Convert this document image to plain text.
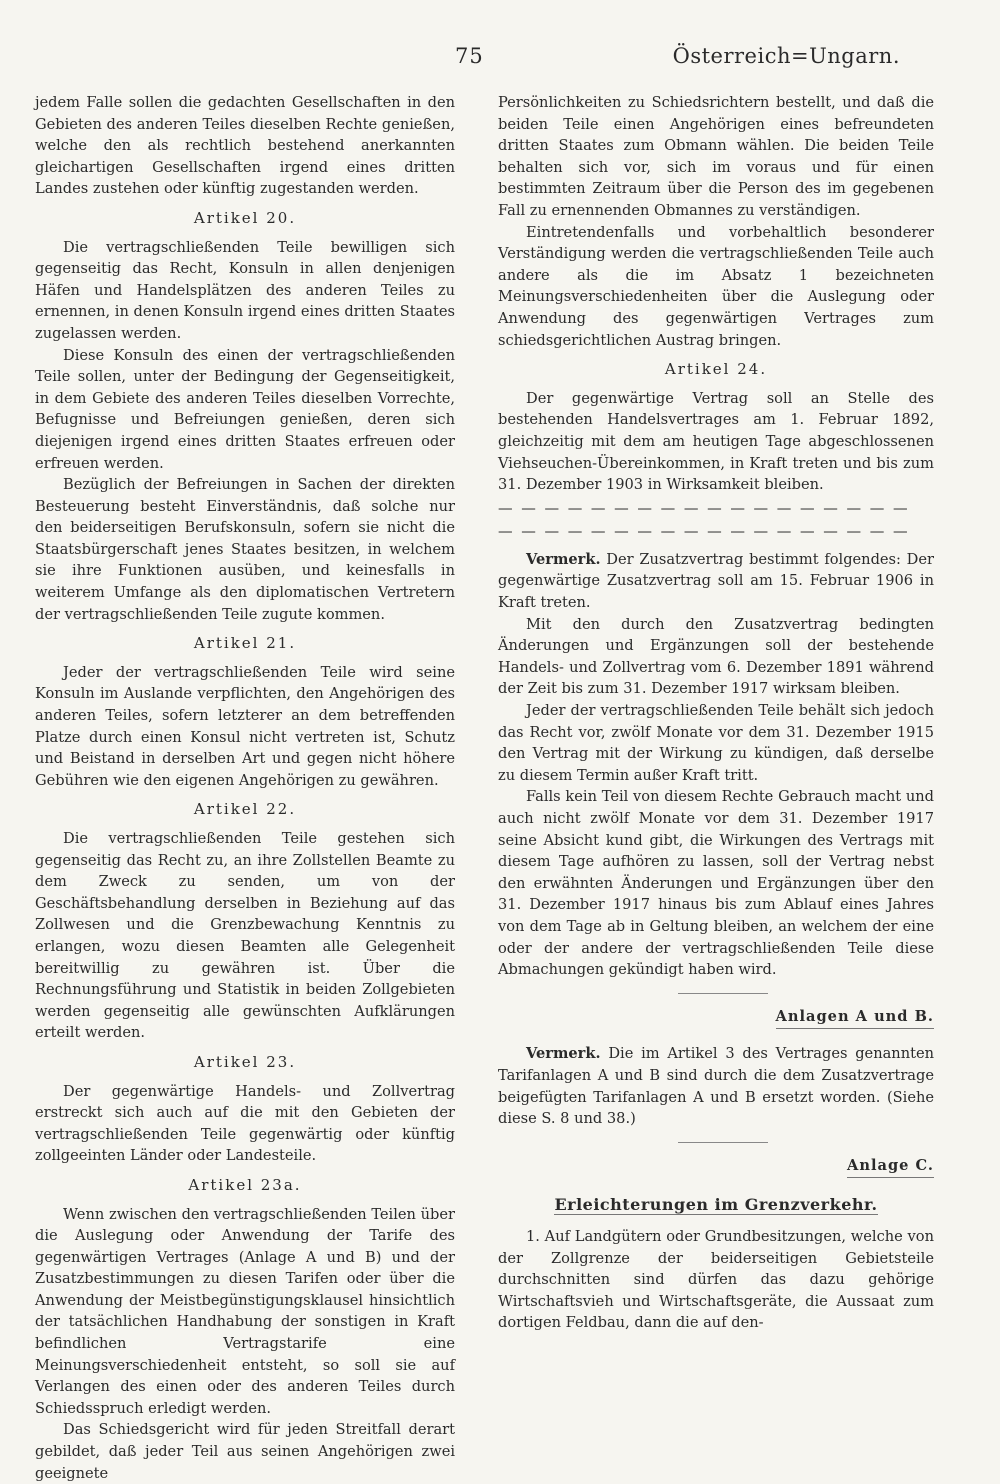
75	Österreich=Ungarn.

jedem Falle sollen die gedachten Gesellschaften in den Gebieten des anderen Teiles dieselben Rechte genießen, welche den als rechtlich bestehend anerkannten gleichartigen Gesellschaften irgend eines dritten Landes zustehen oder künftig zugestanden werden.

Artikel 20.

Die vertragschließenden Teile bewilligen sich gegenseitig das Recht, Konsuln in allen denjenigen Häfen und Handelsplätzen des anderen Teiles zu ernennen, in denen Konsuln irgend eines dritten Staates zugelassen werden.

Diese Konsuln des einen der vertragschließenden Teile sollen, unter der Bedingung der Gegenseitigkeit, in dem Gebiete des anderen Teiles dieselben Vorrechte, Befugnisse und Befreiungen genießen, deren sich diejenigen irgend eines dritten Staates erfreuen oder erfreuen werden.

Bezüglich der Befreiungen in Sachen der direkten Besteuerung besteht Einverständnis, daß solche nur den beiderseitigen Berufskonsuln, sofern sie nicht die Staatsbürgerschaft jenes Staates besitzen, in welchem sie ihre Funktionen ausüben, und keinesfalls in weiterem Umfange als den diplomatischen Vertretern der vertragschließenden Teile zugute kommen.

Artikel 21.

Jeder der vertragschließenden Teile wird seine Konsuln im Auslande verpflichten, den Angehörigen des anderen Teiles, sofern letzterer an dem betreffenden Platze durch einen Konsul nicht vertreten ist, Schutz und Beistand in derselben Art und gegen nicht höhere Gebühren wie den eigenen Angehörigen zu gewähren.

Artikel 22.

Die vertragschließenden Teile gestehen sich gegenseitig das Recht zu, an ihre Zollstellen Beamte zu dem Zweck zu senden, um von der Geschäftsbehandlung derselben in Beziehung auf das Zollwesen und die Grenzbewachung Kenntnis zu erlangen, wozu diesen Beamten alle Gelegenheit bereitwillig zu gewähren ist. Über die Rechnungsführung und Statistik in beiden Zollgebieten werden gegenseitig alle gewünschten Aufklärungen erteilt werden.

Artikel 23.

Der gegenwärtige Handels- und Zollvertrag erstreckt sich auch auf die mit den Gebieten der vertragschließenden Teile gegenwärtig oder künftig zollgeeinten Länder oder Landesteile.

Artikel 23a.

Wenn zwischen den vertragschließenden Teilen über die Auslegung oder Anwendung der Tarife des gegenwärtigen Vertrages (Anlage A und B) und der Zusatzbestimmungen zu diesen Tarifen oder über die Anwendung der Meistbegünstigungsklausel hinsichtlich der tatsächlichen Handhabung der sonstigen in Kraft befindlichen Vertragstarife eine Meinungsverschiedenheit entsteht, so soll sie auf Verlangen des einen oder des anderen Teiles durch Schiedsspruch erledigt werden.

Das Schiedsgericht wird für jeden Streitfall derart gebildet, daß jeder Teil aus seinen Angehörigen zwei geeignete

Persönlichkeiten zu Schiedsrichtern bestellt, und daß die beiden Teile einen Angehörigen eines befreundeten dritten Staates zum Obmann wählen. Die beiden Teile behalten sich vor, sich im voraus und für einen bestimmten Zeitraum über die Person des im gegebenen Fall zu ernennenden Obmannes zu verständigen.

Eintretendenfalls und vorbehaltlich besonderer Verständigung werden die vertragschließenden Teile auch andere als die im Absatz 1 bezeichneten Meinungsverschiedenheiten über die Auslegung oder Anwendung des gegenwärtigen Vertrages zum schiedsgerichtlichen Austrag bringen.

Artikel 24.

Der gegenwärtige Vertrag soll an Stelle des bestehenden Handelsvertrages am 1. Februar 1892, gleichzeitig mit dem am heutigen Tage abgeschlossenen Viehseuchen-Übereinkommen, in Kraft treten und bis zum 31. Dezember 1903 in Wirksamkeit bleiben.

— — — — — — — — — — — — — — — — — —
— — — — — — — — — — — — — — — — — —

Vermerk. Der Zusatzvertrag bestimmt folgendes: Der gegenwärtige Zusatzvertrag soll am 15. Februar 1906 in Kraft treten.

Mit den durch den Zusatzvertrag bedingten Änderungen und Ergänzungen soll der bestehende Handels- und Zollvertrag vom 6. Dezember 1891 während der Zeit bis zum 31. Dezember 1917 wirksam bleiben.

Jeder der vertragschließenden Teile behält sich jedoch das Recht vor, zwölf Monate vor dem 31. Dezember 1915 den Vertrag mit der Wirkung zu kündigen, daß derselbe zu diesem Termin außer Kraft tritt.

Falls kein Teil von diesem Rechte Gebrauch macht und auch nicht zwölf Monate vor dem 31. Dezember 1917 seine Absicht kund gibt, die Wirkungen des Vertrags mit diesem Tage aufhören zu lassen, soll der Vertrag nebst den erwähnten Änderungen und Ergänzungen über den 31. Dezember 1917 hinaus bis zum Ablauf eines Jahres von dem Tage ab in Geltung bleiben, an welchem der eine oder der andere der vertragschließenden Teile diese Abmachungen gekündigt haben wird.

Anlagen A und B.

Vermerk. Die im Artikel 3 des Vertrages genannten Tarifanlagen A und B sind durch die dem Zusatzvertrage beigefügten Tarifanlagen A und B ersetzt worden. (Siehe diese S. 8 und 38.)

Anlage C.
Erleichterungen im Grenzverkehr.

1. Auf Landgütern oder Grundbesitzungen, welche von der Zollgrenze der beiderseitigen Gebietsteile durchschnitten sind dürfen das dazu gehörige Wirtschaftsvieh und Wirtschaftsgeräte, die Aussaat zum dortigen Feldbau, dann die auf den-
